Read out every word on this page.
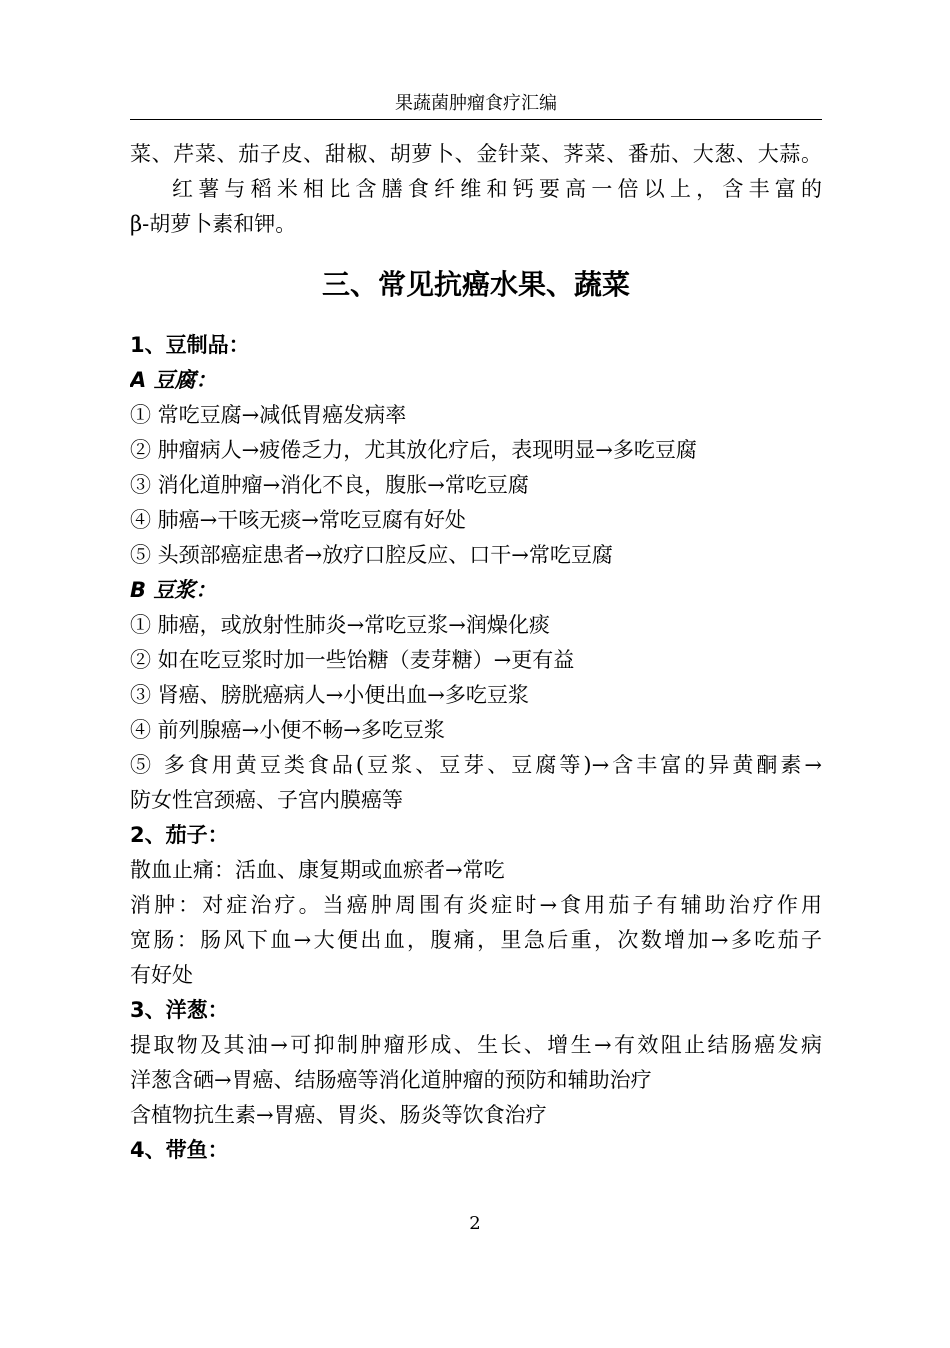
果蔬菌肿瘤食疗汇编
菜、芹菜、茄子皮、甜椒、胡萝卜、金针菜、荠菜、番茄、大葱、大蒜。
红薯与稻米相比含膳食纤维和钙要高一倍以上，含丰富的
β-胡萝卜素和钾。
三、常见抗癌水果、蔬菜
1、豆制品：
A 豆腐：
① 常吃豆腐→减低胃癌发病率
② 肿瘤病人→疲倦乏力，尤其放化疗后，表现明显→多吃豆腐
③ 消化道肿瘤→消化不良，腹胀→常吃豆腐
④ 肺癌→干咳无痰→常吃豆腐有好处
⑤ 头颈部癌症患者→放疗口腔反应、口干→常吃豆腐
B 豆浆：
① 肺癌，或放射性肺炎→常吃豆浆→润燥化痰
② 如在吃豆浆时加一些饴糖（麦芽糖）→更有益
③ 肾癌、膀胱癌病人→小便出血→多吃豆浆
④ 前列腺癌→小便不畅→多吃豆浆
⑤ 多食用黄豆类食品(豆浆、豆芽、豆腐等)→含丰富的异黄酮素→
防女性宫颈癌、子宫内膜癌等
2、茄子：
散血止痛：活血、康复期或血瘀者→常吃
消肿：对症治疗。当癌肿周围有炎症时→食用茄子有辅助治疗作用
宽肠：肠风下血→大便出血，腹痛，里急后重，次数增加→多吃茄子
有好处
3、洋葱：
提取物及其油→可抑制肿瘤形成、生长、增生→有效阻止结肠癌发病
洋葱含硒→胃癌、结肠癌等消化道肿瘤的预防和辅助治疗
含植物抗生素→胃癌、胃炎、肠炎等饮食治疗
4、带鱼：
2
